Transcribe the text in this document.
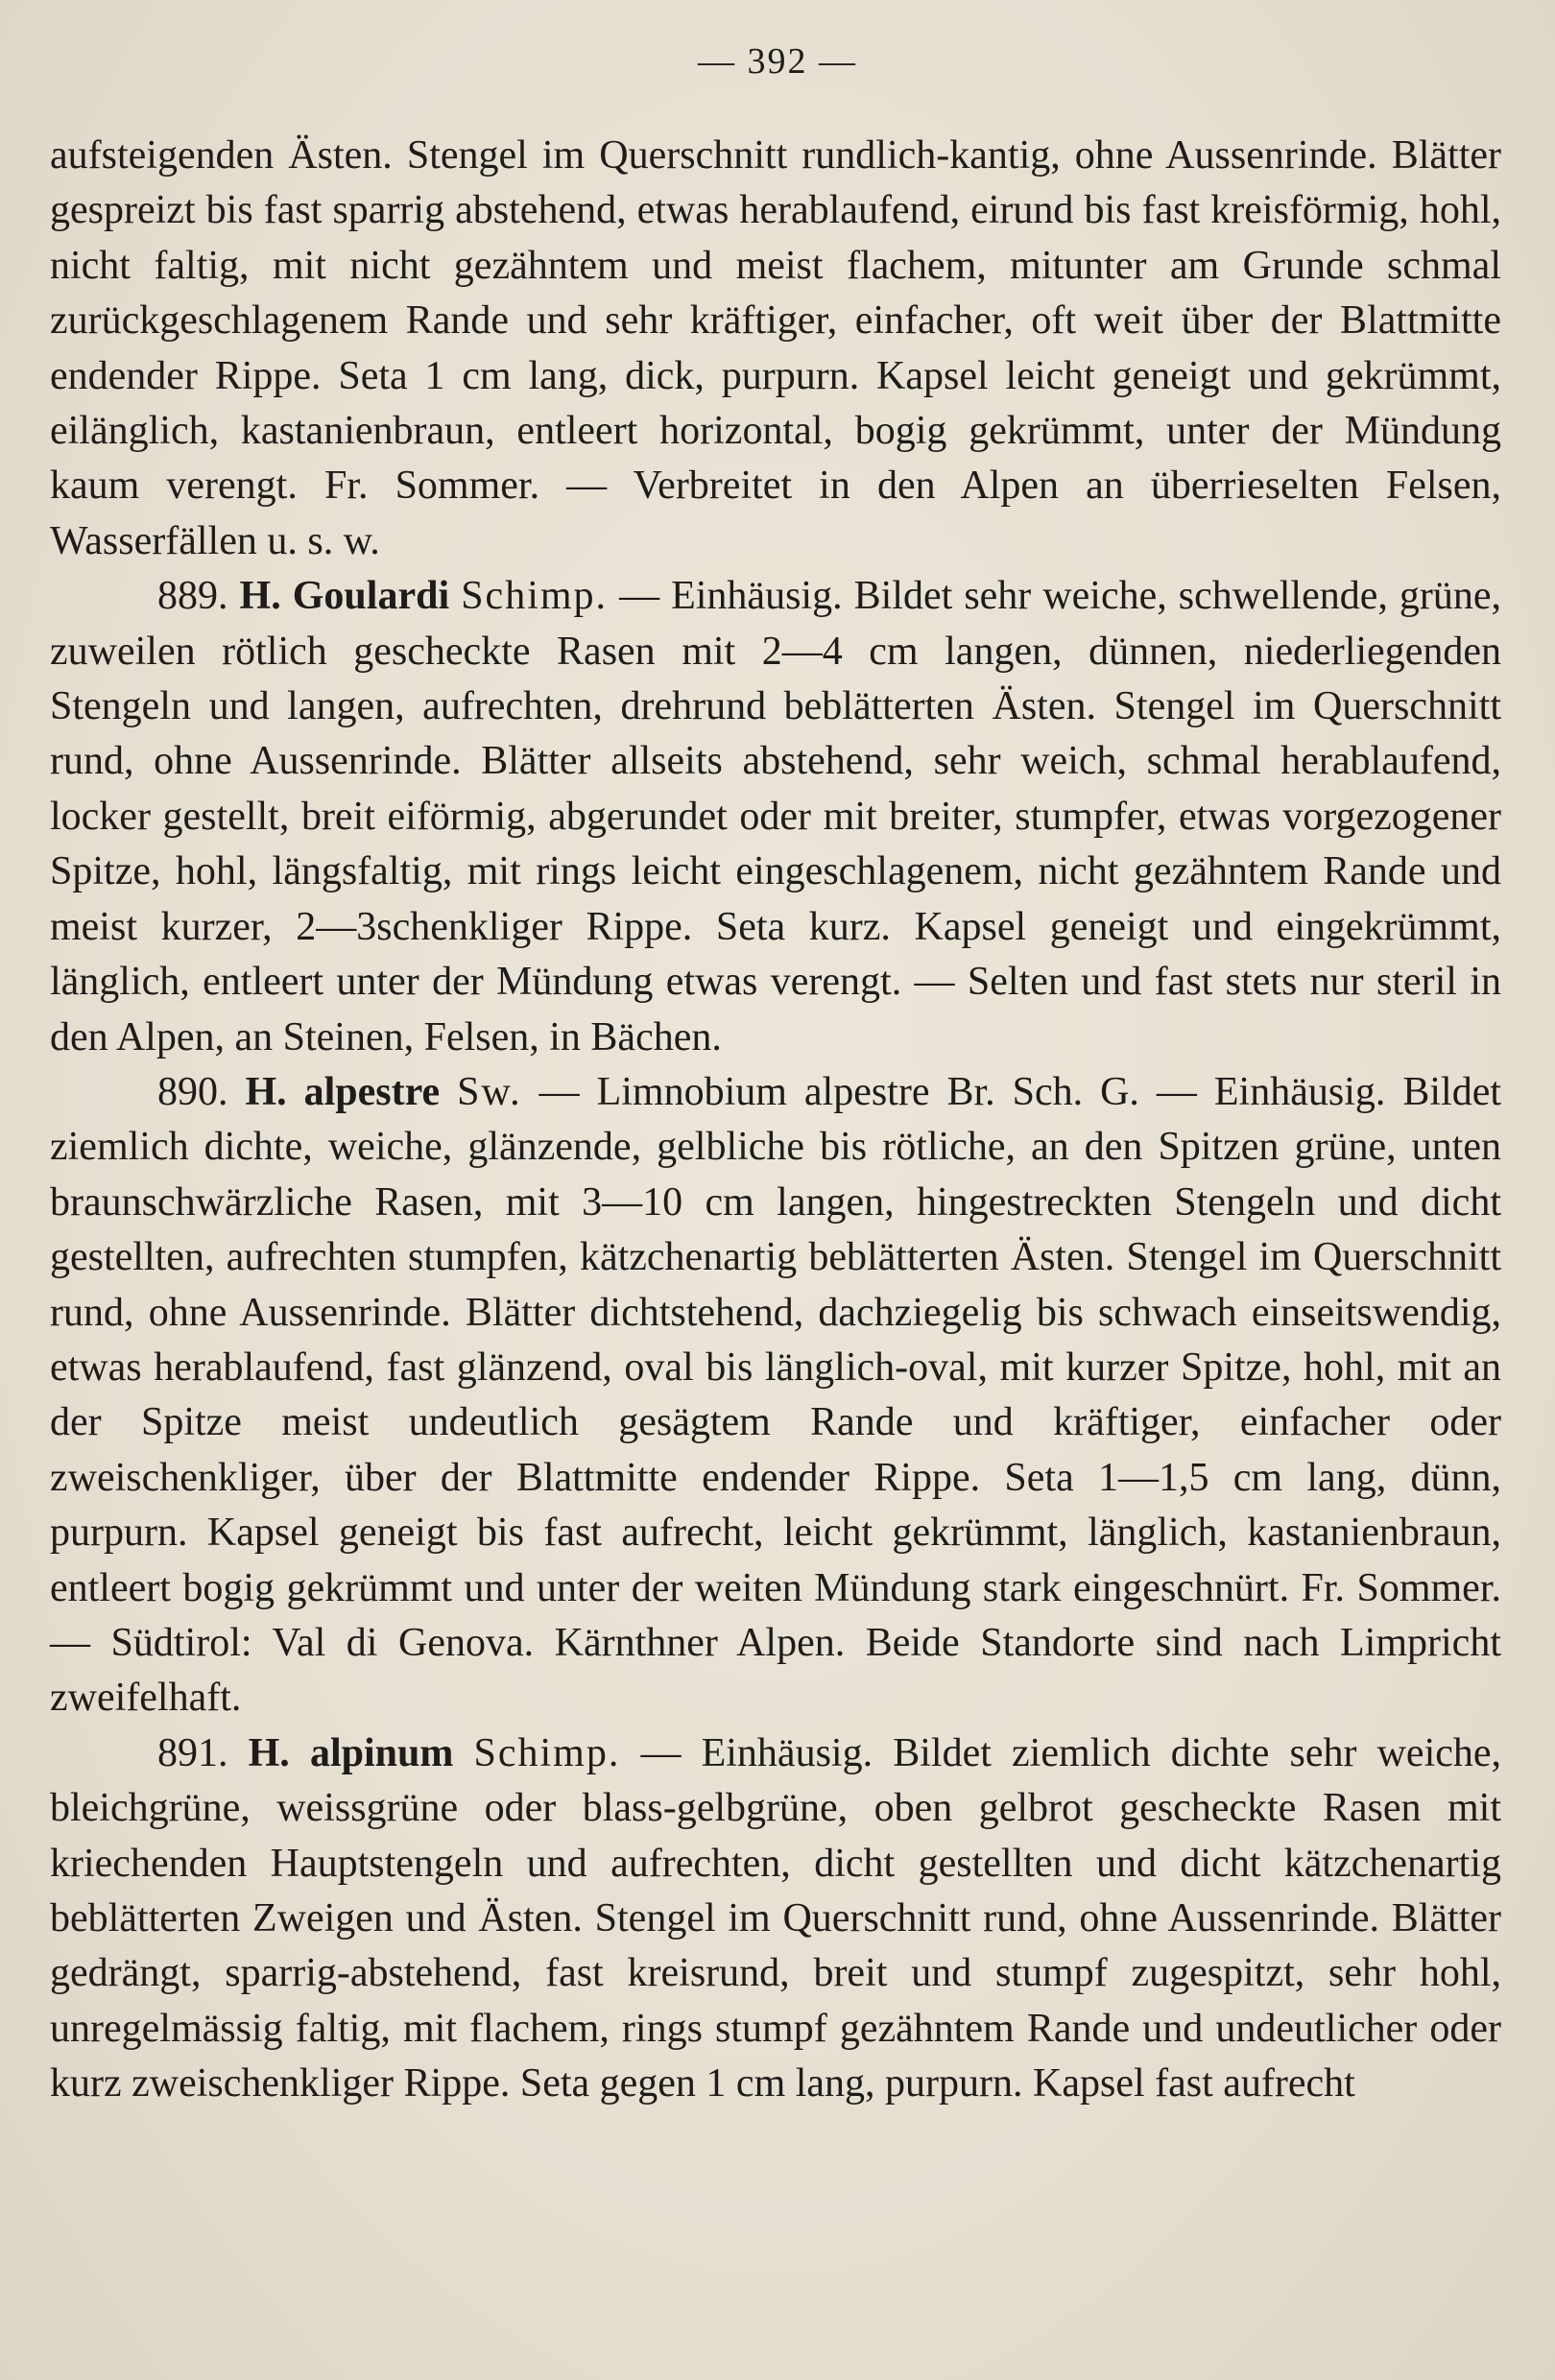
— 392 —

aufsteigenden Ästen. Stengel im Querschnitt rundlich-kantig, ohne Aussenrinde. Blätter gespreizt bis fast sparrig abstehend, etwas herablaufend, eirund bis fast kreisförmig, hohl, nicht faltig, mit nicht gezähntem und meist flachem, mitunter am Grunde schmal zurückgeschlagenem Rande und sehr kräftiger, einfacher, oft weit über der Blattmitte endender Rippe. Seta 1 cm lang, dick, purpurn. Kapsel leicht geneigt und gekrümmt, eilänglich, kastanienbraun, entleert horizontal, bogig gekrümmt, unter der Mündung kaum verengt. Fr. Sommer. — Verbreitet in den Alpen an überrieselten Felsen, Wasserfällen u. s. w.

889. H. Goulardi Schimp. — Einhäusig. Bildet sehr weiche, schwellende, grüne, zuweilen rötlich gescheckte Rasen mit 2—4 cm langen, dünnen, niederliegenden Stengeln und langen, aufrechten, drehrund beblätterten Ästen. Stengel im Querschnitt rund, ohne Aussenrinde. Blätter allseits abstehend, sehr weich, schmal herablaufend, locker gestellt, breit eiförmig, abgerundet oder mit breiter, stumpfer, etwas vorgezogener Spitze, hohl, längsfaltig, mit rings leicht eingeschlagenem, nicht gezähntem Rande und meist kurzer, 2—3schenkliger Rippe. Seta kurz. Kapsel geneigt und eingekrümmt, länglich, entleert unter der Mündung etwas verengt. — Selten und fast stets nur steril in den Alpen, an Steinen, Felsen, in Bächen.

890. H. alpestre Sw. — Limnobium alpestre Br. Sch. G. — Einhäusig. Bildet ziemlich dichte, weiche, glänzende, gelbliche bis rötliche, an den Spitzen grüne, unten braunschwärzliche Rasen, mit 3—10 cm langen, hingestreckten Stengeln und dicht gestellten, aufrechten stumpfen, kätzchenartig beblätterten Ästen. Stengel im Querschnitt rund, ohne Aussenrinde. Blätter dichtstehend, dachziegelig bis schwach einseitswendig, etwas herablaufend, fast glänzend, oval bis länglich-oval, mit kurzer Spitze, hohl, mit an der Spitze meist undeutlich gesägtem Rande und kräftiger, einfacher oder zweischenkliger, über der Blattmitte endender Rippe. Seta 1—1,5 cm lang, dünn, purpurn. Kapsel geneigt bis fast aufrecht, leicht gekrümmt, länglich, kastanienbraun, entleert bogig gekrümmt und unter der weiten Mündung stark eingeschnürt. Fr. Sommer. — Südtirol: Val di Genova. Kärnthner Alpen. Beide Standorte sind nach Limpricht zweifelhaft.

891. H. alpinum Schimp. — Einhäusig. Bildet ziemlich dichte sehr weiche, bleichgrüne, weissgrüne oder blass-gelbgrüne, oben gelbrot gescheckte Rasen mit kriechenden Hauptstengeln und aufrechten, dicht gestellten und dicht kätzchenartig beblätterten Zweigen und Ästen. Stengel im Querschnitt rund, ohne Aussenrinde. Blätter gedrängt, sparrig-abstehend, fast kreisrund, breit und stumpf zugespitzt, sehr hohl, unregelmässig faltig, mit flachem, rings stumpf gezähntem Rande und undeutlicher oder kurz zweischenkliger Rippe. Seta gegen 1 cm lang, purpurn. Kapsel fast aufrecht
